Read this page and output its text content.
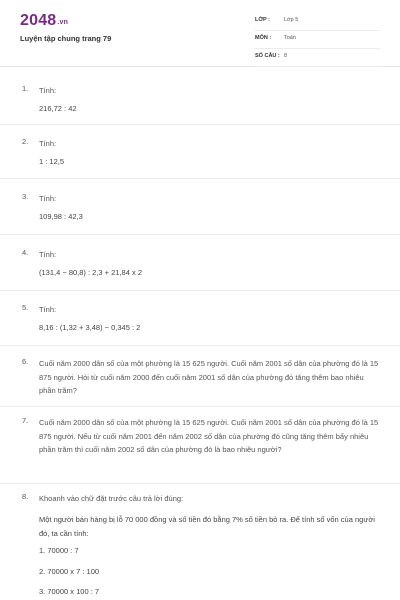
2048.vn
Luyện tập chung trang 79
LỚP :	Lớp 5
MÔN : Toán
SỐ CÂU : 8
1. Tính:
216,72 : 42
2. Tính:
1 : 12,5
3. Tính:
109,98 : 42,3
4. Tính:
(131,4 − 80,8) : 2,3 + 21,84 x 2
5. Tính:
8,16 : (1,32 + 3,48) − 0,345 : 2
6. Cuối năm 2000 dân số của một phường là 15 625 người. Cuối năm 2001 số dân của phường đó là 15 875 người. Hỏi từ cuối năm 2000 đến cuối năm 2001 số dân của phường đó tăng thêm bao nhiêu phần trăm?
7. Cuối năm 2000 dân số của một phường là 15 625 người. Cuối năm 2001 số dân của phường đó là 15 875 người. Nếu từ cuối năm 2001 đến năm 2002 số dân của phường đó cũng tăng thêm bấy nhiêu phần trăm thì cuối năm 2002 số dân của phường đó là bao nhiêu người?
8. Khoanh vào chữ đặt trước câu trả lời đúng:
Một người bán hàng bị lỗ 70 000 đồng và số tiền đó bằng 7% số tiền bỏ ra. Để tính số vốn của người đó, ta cần tính:
1. 70000 : 7
2. 70000 x 7 : 100
3. 70000 x 100 : 7
